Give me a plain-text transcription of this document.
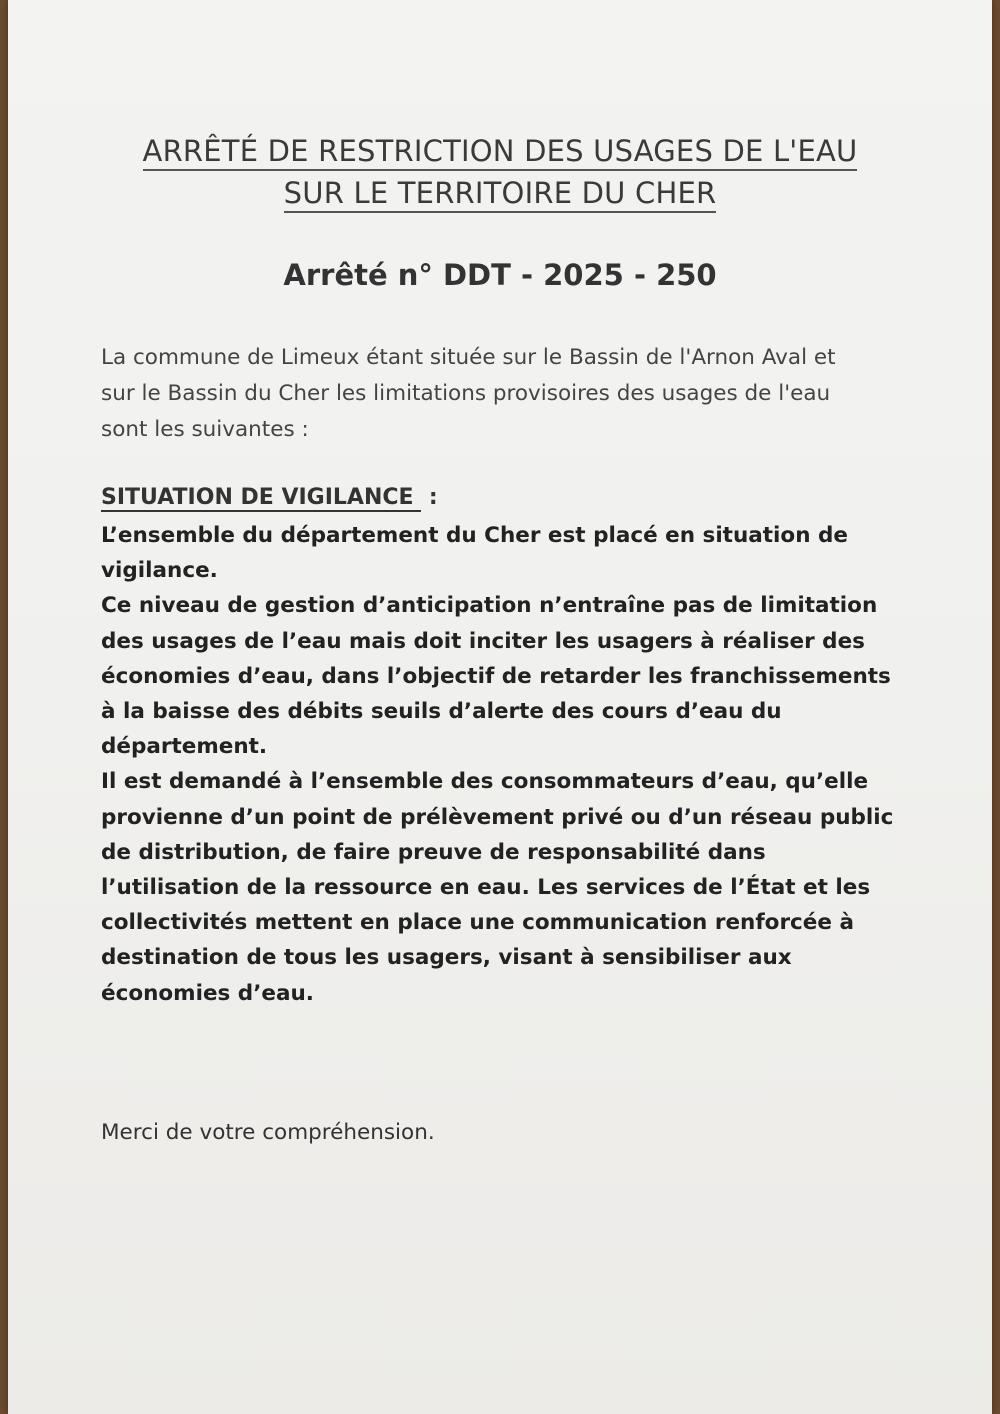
ARRÊTÉ DE RESTRICTION DES USAGES DE L'EAU
SUR LE TERRITOIRE DU CHER
Arrêté n° DDT - 2025 - 250
La commune de Limeux étant située sur le Bassin de l'Arnon Aval et
sur le Bassin du Cher les limitations provisoires des usages de l'eau
sont les suivantes :
SITUATION DE VIGILANCE :
L’ensemble du département du Cher est placé en situation de
vigilance.
Ce niveau de gestion d’anticipation n’entraîne pas de limitation
des usages de l’eau mais doit inciter les usagers à réaliser des
économies d’eau, dans l’objectif de retarder les franchissements
à la baisse des débits seuils d’alerte des cours d’eau du
département.
Il est demandé à l’ensemble des consommateurs d’eau, qu’elle
provienne d’un point de prélèvement privé ou d’un réseau public
de distribution, de faire preuve de responsabilité dans
l’utilisation de la ressource en eau. Les services de l’État et les
collectivités mettent en place une communication renforcée à
destination de tous les usagers, visant à sensibiliser aux
économies d’eau.
Merci de votre compréhension.
